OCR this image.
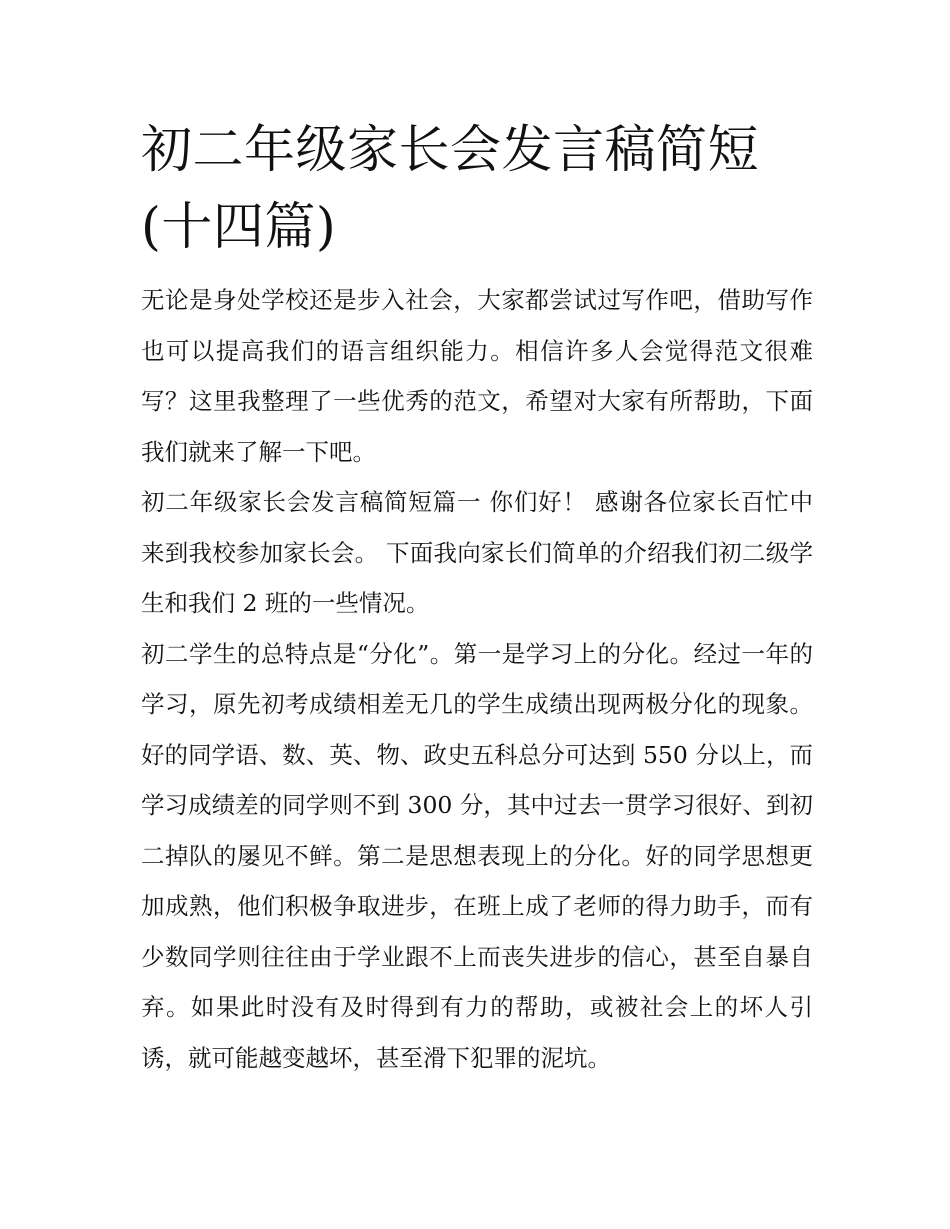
初二年级家长会发言稿简短(十四篇)

无论是身处学校还是步入社会，大家都尝试过写作吧，借助写作也可以提高我们的语言组织能力。相信许多人会觉得范文很难写？这里我整理了一些优秀的范文，希望对大家有所帮助，下面我们就来了解一下吧。

初二年级家长会发言稿简短篇一 你们好！ 感谢各位家长百忙中来到我校参加家长会。 下面我向家长们简单的介绍我们初二级学生和我们 2 班的一些情况。

初二学生的总特点是“分化”。第一是学习上的分化。经过一年的学习，原先初考成绩相差无几的学生成绩出现两极分化的现象。好的同学语、数、英、物、政史五科总分可达到 550 分以上，而学习成绩差的同学则不到 300 分，其中过去一贯学习很好、到初二掉队的屡见不鲜。第二是思想表现上的分化。好的同学思想更加成熟，他们积极争取进步，在班上成了老师的得力助手，而有少数同学则往往由于学业跟不上而丧失进步的信心，甚至自暴自弃。如果此时没有及时得到有力的帮助，或被社会上的坏人引诱，就可能越变越坏，甚至滑下犯罪的泥坑。
